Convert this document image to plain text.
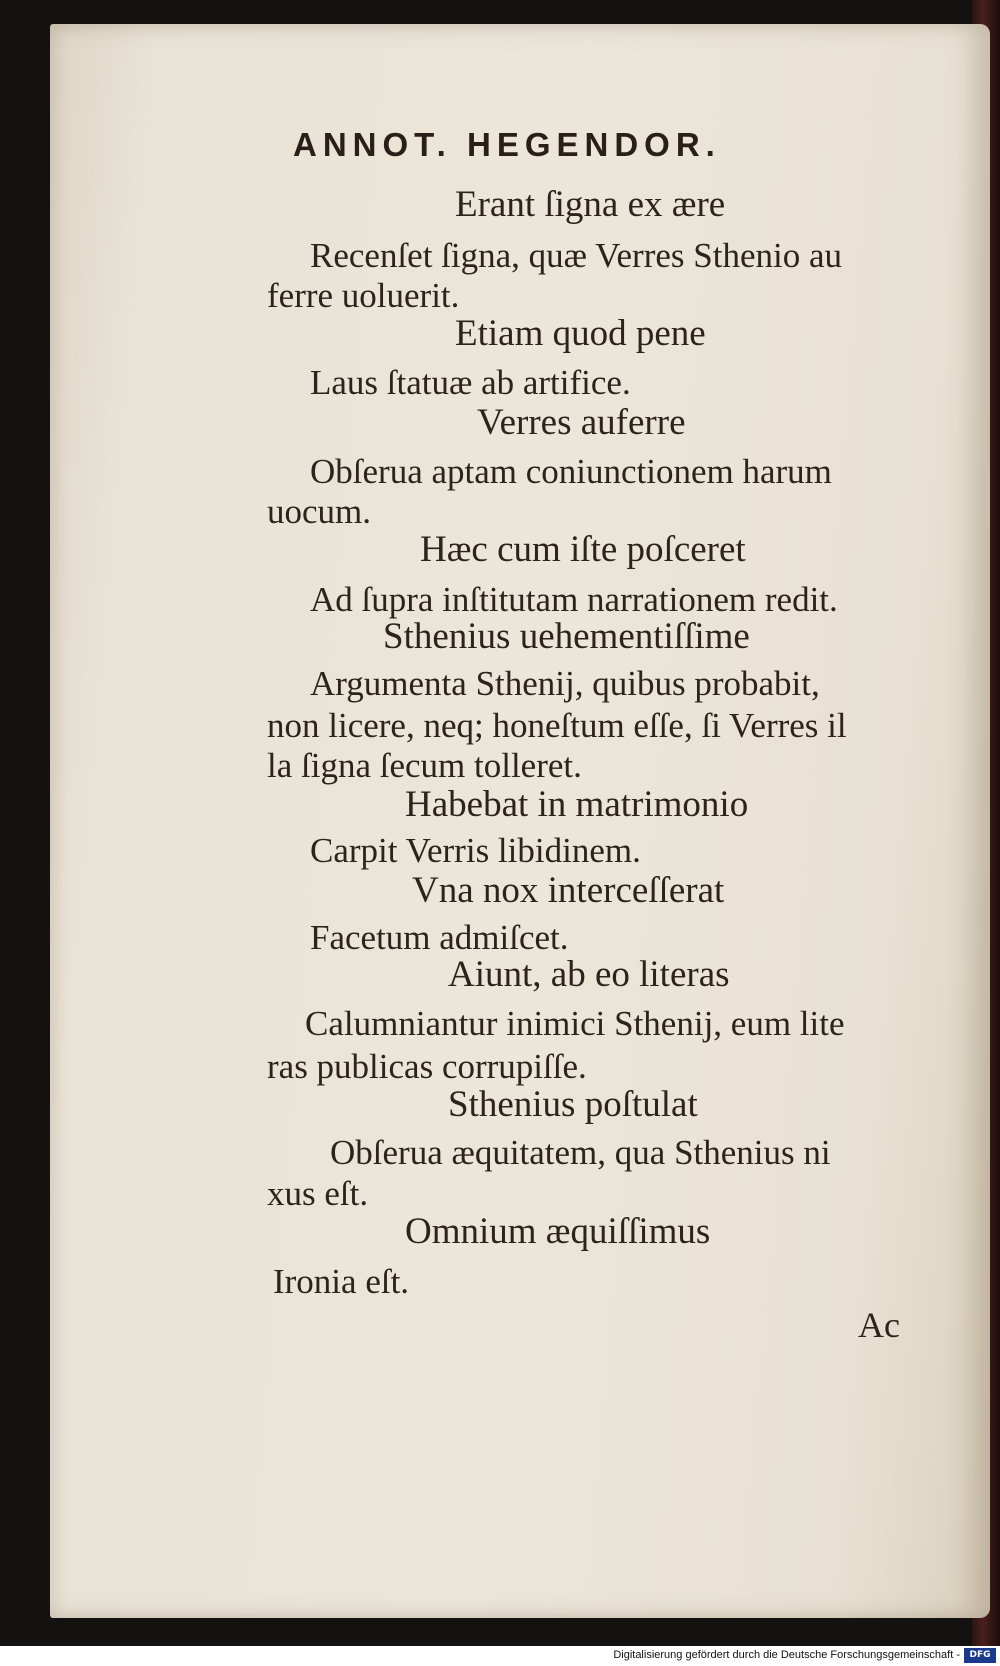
ANNOT. HEGENDOR.
Erant ſigna ex ære
Recenſet ſigna, quæ Verres Sthenio au
ferre uoluerit.
Etiam quod pene
Laus ſtatuæ ab artifice.
Verres auferre
Obſerua aptam coniunctionem harum
uocum.
Hæc cum iſte poſceret
Ad ſupra inſtitutam narrationem redit.
Sthenius uehementiſſime
Argumenta Sthenij, quibus probabit,
non licere, neq; honeſtum eſſe, ſi Verres il
la ſigna ſecum tolleret.
Habebat in matrimonio
Carpit Verris libidinem.
Vna nox interceſſerat
Facetum admiſcet.
Aiunt, ab eo literas
Calumniantur inimici Sthenij, eum lite
ras publicas corrupiſſe.
Sthenius poſtulat
Obſerua æquitatem, qua Sthenius ni
xus eſt.
Omnium æquiſſimus
Ironia eſt.
Ac
Digitalisierung gefördert durch die Deutsche Forschungsgemeinschaft -	DFG
